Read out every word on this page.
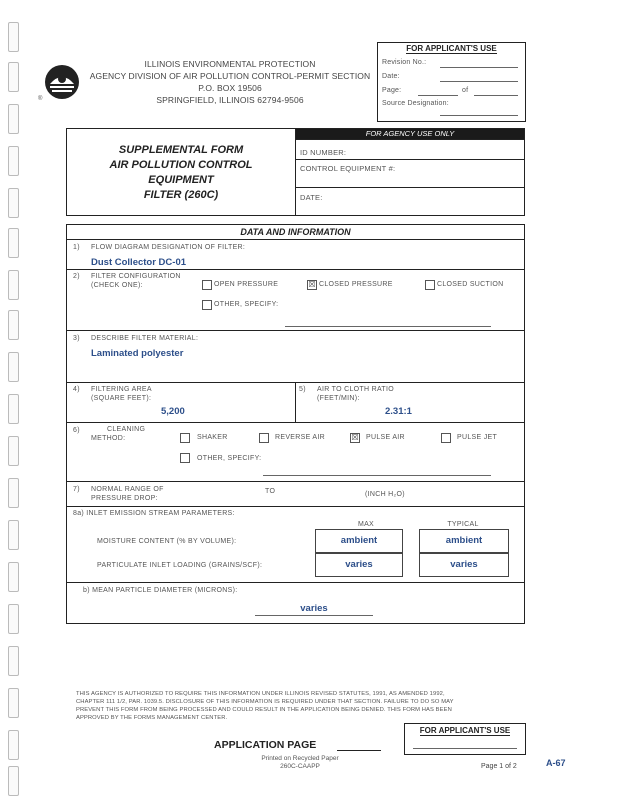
®
ILLINOIS ENVIRONMENTAL PROTECTION
AGENCY DIVISION OF AIR POLLUTION CONTROL-PERMIT SECTION
P.O. BOX 19506
SPRINGFIELD, ILLINOIS 62794-9506
FOR APPLICANT'S USE
Revision No.:
Date:
Page:	of
Source Designation:
SUPPLEMENTAL FORM
AIR POLLUTION CONTROL
EQUIPMENT
FILTER (260C)
FOR AGENCY USE ONLY
ID NUMBER:
CONTROL EQUIPMENT #:
DATE:
DATA AND INFORMATION
1) FLOW DIAGRAM DESIGNATION OF FILTER:
Dust Collector DC-01
2) FILTER CONFIGURATION
(CHECK ONE):	OPEN PRESSURE	☒ CLOSED PRESSURE	CLOSED SUCTION
OTHER, SPECIFY:
3) DESCRIBE FILTER MATERIAL:
Laminated polyester
4) FILTERING AREA
(SQUARE FEET):
5,200
5) AIR TO CLOTH RATIO
(FEET/MIN):
2.31:1
6)	CLEANING
METHOD:	SHAKER	REVERSE AIR	☒ PULSE AIR	PULSE JET
OTHER, SPECIFY:
7) NORMAL RANGE OF
PRESSURE DROP:
TO	(INCH H₂O)
8a) INLET EMISSION STREAM PARAMETERS:
MAX	TYPICAL
MOISTURE CONTENT (% BY VOLUME):	ambient	ambient
PARTICULATE INLET LOADING (GRAINS/SCF):	varies	varies
b) MEAN PARTICLE DIAMETER (MICRONS):
varies
THIS AGENCY IS AUTHORIZED TO REQUIRE THIS INFORMATION UNDER ILLINOIS REVISED STATUTES, 1991, AS AMENDED 1992,
CHAPTER 111 1/2, PAR. 1039.5. DISCLOSURE OF THIS INFORMATION IS REQUIRED UNDER THAT SECTION. FAILURE TO DO SO MAY
PREVENT THIS FORM FROM BEING PROCESSED AND COULD RESULT IN THE APPLICATION BEING DENIED. THIS FORM HAS BEEN
APPROVED BY THE FORMS MANAGEMENT CENTER.
APPLICATION PAGE
FOR APPLICANT'S USE
Printed on Recycled Paper
260C-CAAPP	Page 1 of 2	A-67
